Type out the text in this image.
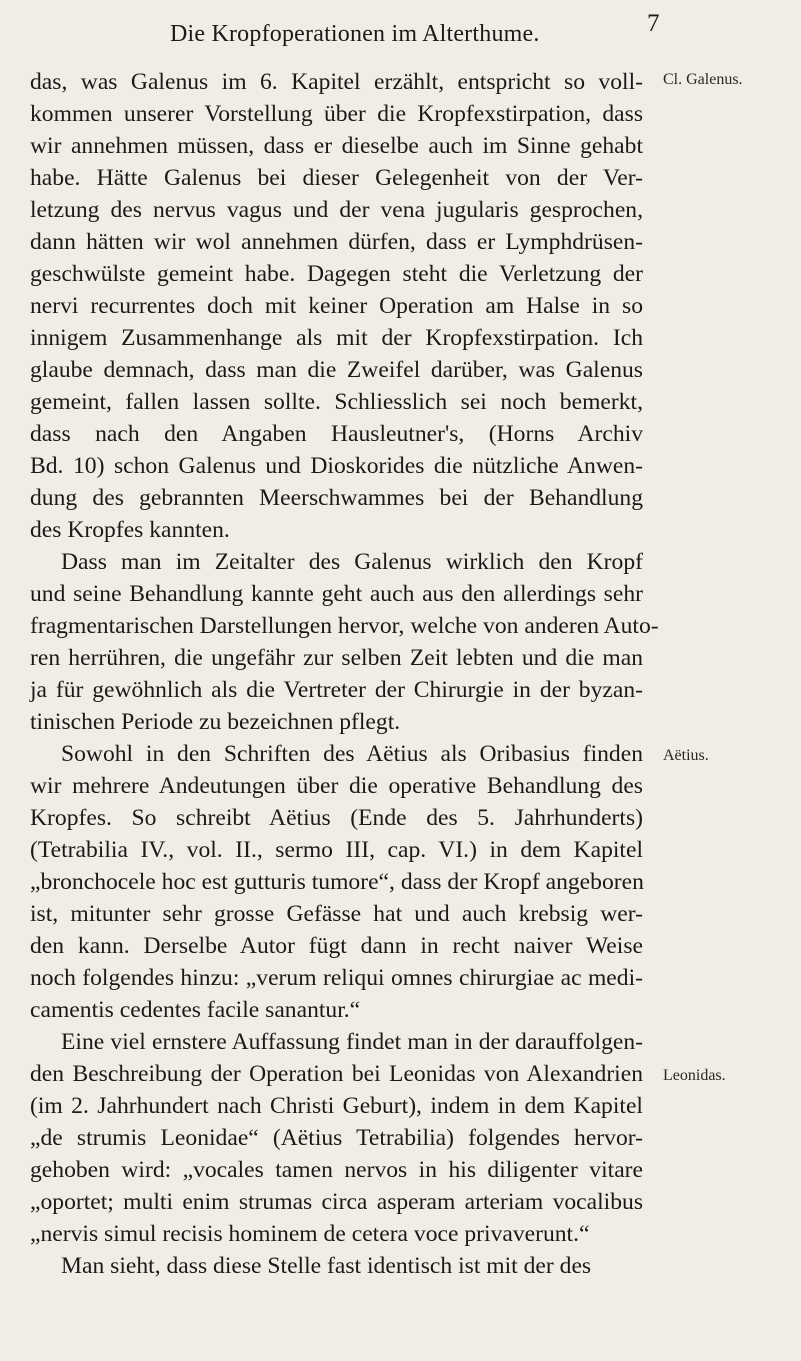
Die Kropfoperationen im Alterthume.	7
das, was Galenus im 6. Kapitel erzählt, entspricht so voll-
kommen unserer Vorstellung über die Kropfexstirpation, dass
wir annehmen müssen, dass er dieselbe auch im Sinne gehabt
habe. Hätte Galenus bei dieser Gelegenheit von der Ver-
letzung des nervus vagus und der vena jugularis gesprochen,
dann hätten wir wol annehmen dürfen, dass er Lymphdrüsen-
geschwülste gemeint habe. Dagegen steht die Verletzung der
nervi recurrentes doch mit keiner Operation am Halse in so
innigem Zusammenhange als mit der Kropfexstirpation. Ich
glaube demnach, dass man die Zweifel darüber, was Galenus
gemeint, fallen lassen sollte. Schliesslich sei noch bemerkt,
dass nach den Angaben Hausleutner's, (Horns Archiv
Bd. 10) schon Galenus und Dioskorides die nützliche Anwen-
dung des gebrannten Meerschwammes bei der Behandlung
des Kropfes kannten.
Dass man im Zeitalter des Galenus wirklich den Kropf
und seine Behandlung kannte geht auch aus den allerdings sehr
fragmentarischen Darstellungen hervor, welche von anderen Auto-
ren herrühren, die ungefähr zur selben Zeit lebten und die man
ja für gewöhnlich als die Vertreter der Chirurgie in der byzan-
tinischen Periode zu bezeichnen pflegt.
Sowohl in den Schriften des Aëtius als Oribasius finden
wir mehrere Andeutungen über die operative Behandlung des
Kropfes. So schreibt Aëtius (Ende des 5. Jahrhunderts)
(Tetrabilia IV., vol. II., sermo III, cap. VI.) in dem Kapitel
„bronchocele hoc est gutturis tumore“, dass der Kropf angeboren
ist, mitunter sehr grosse Gefässe hat und auch krebsig wer-
den kann. Derselbe Autor fügt dann in recht naiver Weise
noch folgendes hinzu: „verum reliqui omnes chirurgiae ac medi-
camentis cedentes facile sanantur.“
Eine viel ernstere Auffassung findet man in der darauffolgen-
den Beschreibung der Operation bei Leonidas von Alexandrien
(im 2. Jahrhundert nach Christi Geburt), indem in dem Kapitel
„de strumis Leonidae“ (Aëtius Tetrabilia) folgendes hervor-
gehoben wird: „vocales tamen nervos in his diligenter vitare
„oportet; multi enim strumas circa asperam arteriam vocalibus
„nervis simul recisis hominem de cetera voce privaverunt.“
Man sieht, dass diese Stelle fast identisch ist mit der des
Cl. Galenus.
Aëtius.
Leonidas.
